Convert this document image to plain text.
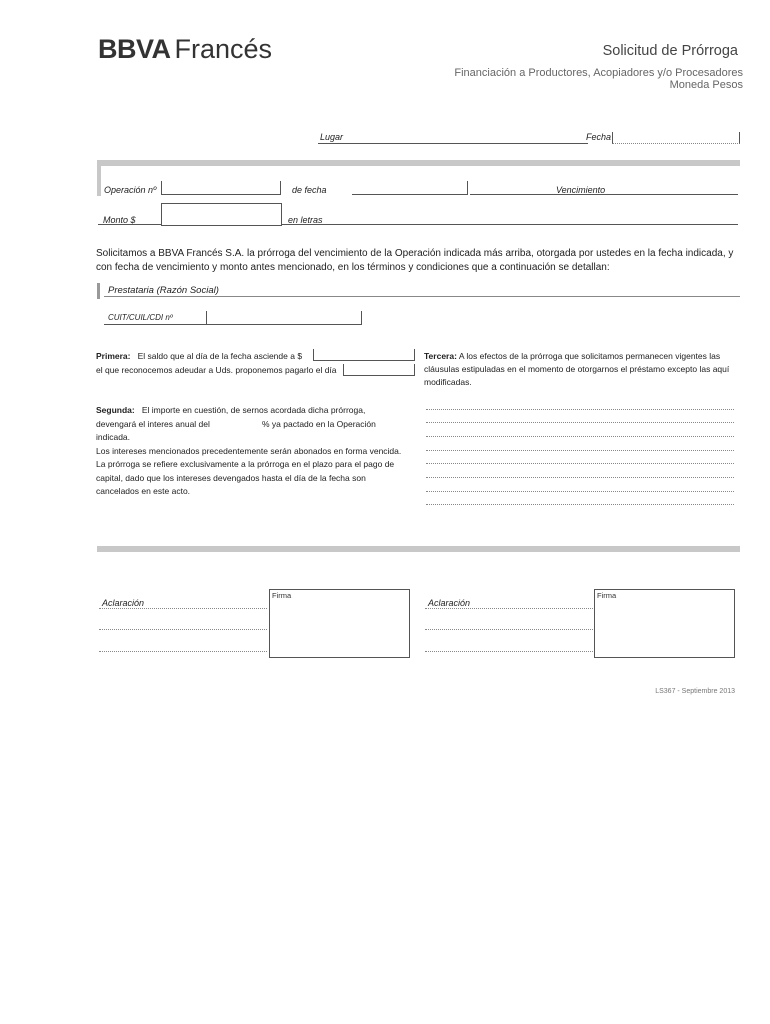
BBVA Francés	Solicitud de Prórroga
Financiación a Productores, Acopiadores y/o Procesadores
Moneda Pesos
Lugar	Fecha
Operación nº	de fecha	Vencimiento
Monto $	en letras
Solicitamos a BBVA Francés S.A. la prórroga del vencimiento de la Operación indicada más arriba, otorgada por ustedes en la fecha indicada, y con fecha de vencimiento y monto antes mencionado, en los términos y condiciones que a continuación se detallan:
Prestataria (Razón Social)
CUIT/CUIL/CDI nº
Primera: El saldo que al día de la fecha asciende a $
el que reconocemos adeudar a Uds. proponemos pagarlo el día
Tercera: A los efectos de la prórroga que solicitamos permanecen vigentes las
cláusulas estipuladas en el momento de otorgarnos el préstamo excepto las aquí
modificadas.
Segunda: El importe en cuestión, de sernos acordada dicha prórroga,
devengará el interes anual del	% ya pactado en la Operación
indicada.
Los intereses mencionados precedentemente serán abonados en forma vencida.
La prórroga se refiere exclusivamente a la prórroga en el plazo para el pago de
capital, dado que los intereses devengados hasta el día de la fecha son
cancelados en este acto.
Aclaración
Firma
Aclaración
Firma
LS367 - Septiembre 2013
